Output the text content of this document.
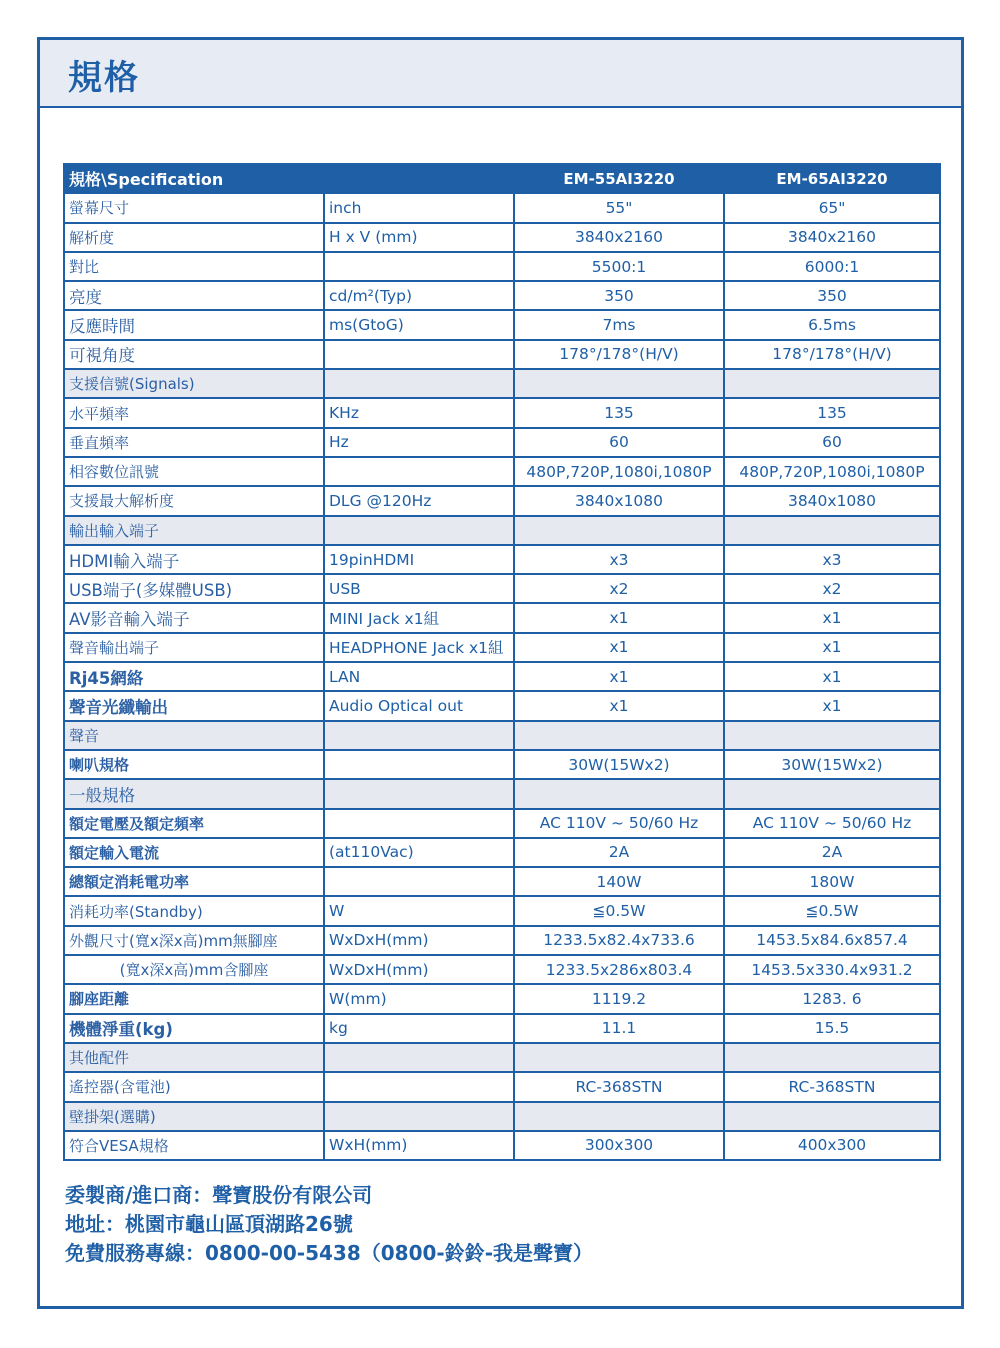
規格
規格\Specification		EM-55AI3220	EM-65AI3220
螢幕尺寸	inch	55"	65"
解析度	H x V (mm)	3840x2160	3840x2160
對比		5500:1	6000:1
亮度	cd/m²(Typ)	350	350
反應時間	ms(GtoG)	7ms	6.5ms
可視角度		178°/178°(H/V)	178°/178°(H/V)
支援信號(Signals)			
水平頻率	KHz	135	135
垂直頻率	Hz	60	60
相容數位訊號		480P,720P,1080i,1080P	480P,720P,1080i,1080P
支援最大解析度	DLG @120Hz	3840x1080	3840x1080
輸出輸入端子			
HDMI輸入端子	19pinHDMI	x3	x3
USB端子(多媒體USB)	USB	x2	x2
AV影音輸入端子	MINI Jack x1組	x1	x1
聲音輸出端子	HEADPHONE Jack x1組	x1	x1
Rj45網絡	LAN	x1	x1
聲音光纖輸出	Audio Optical out	x1	x1
聲音			
喇叭規格		30W(15Wx2)	30W(15Wx2)
一般規格			
額定電壓及額定頻率		AC 110V ~ 50/60 Hz	AC 110V ~ 50/60 Hz
額定輸入電流	(at110Vac)	2A	2A
總額定消耗電功率		140W	180W
消耗功率(Standby)	W	≦0.5W	≦0.5W
外觀尺寸(寬x深x高)mm無腳座	WxDxH(mm)	1233.5x82.4x733.6	1453.5x84.6x857.4
(寬x深x高)mm含腳座	WxDxH(mm)	1233.5x286x803.4	1453.5x330.4x931.2
腳座距離	W(mm)	1119.2	1283. 6
機體淨重(kg)	kg	11.1	15.5
其他配件			
遙控器(含電池)		RC-368STN	RC-368STN
壁掛架(選購)			
符合VESA規格	WxH(mm)	300x300	400x300
委製商/進口商：聲寶股份有限公司
地址：桃園市龜山區頂湖路26號
免費服務專線：0800-00-5438（0800-鈴鈴-我是聲寶）
